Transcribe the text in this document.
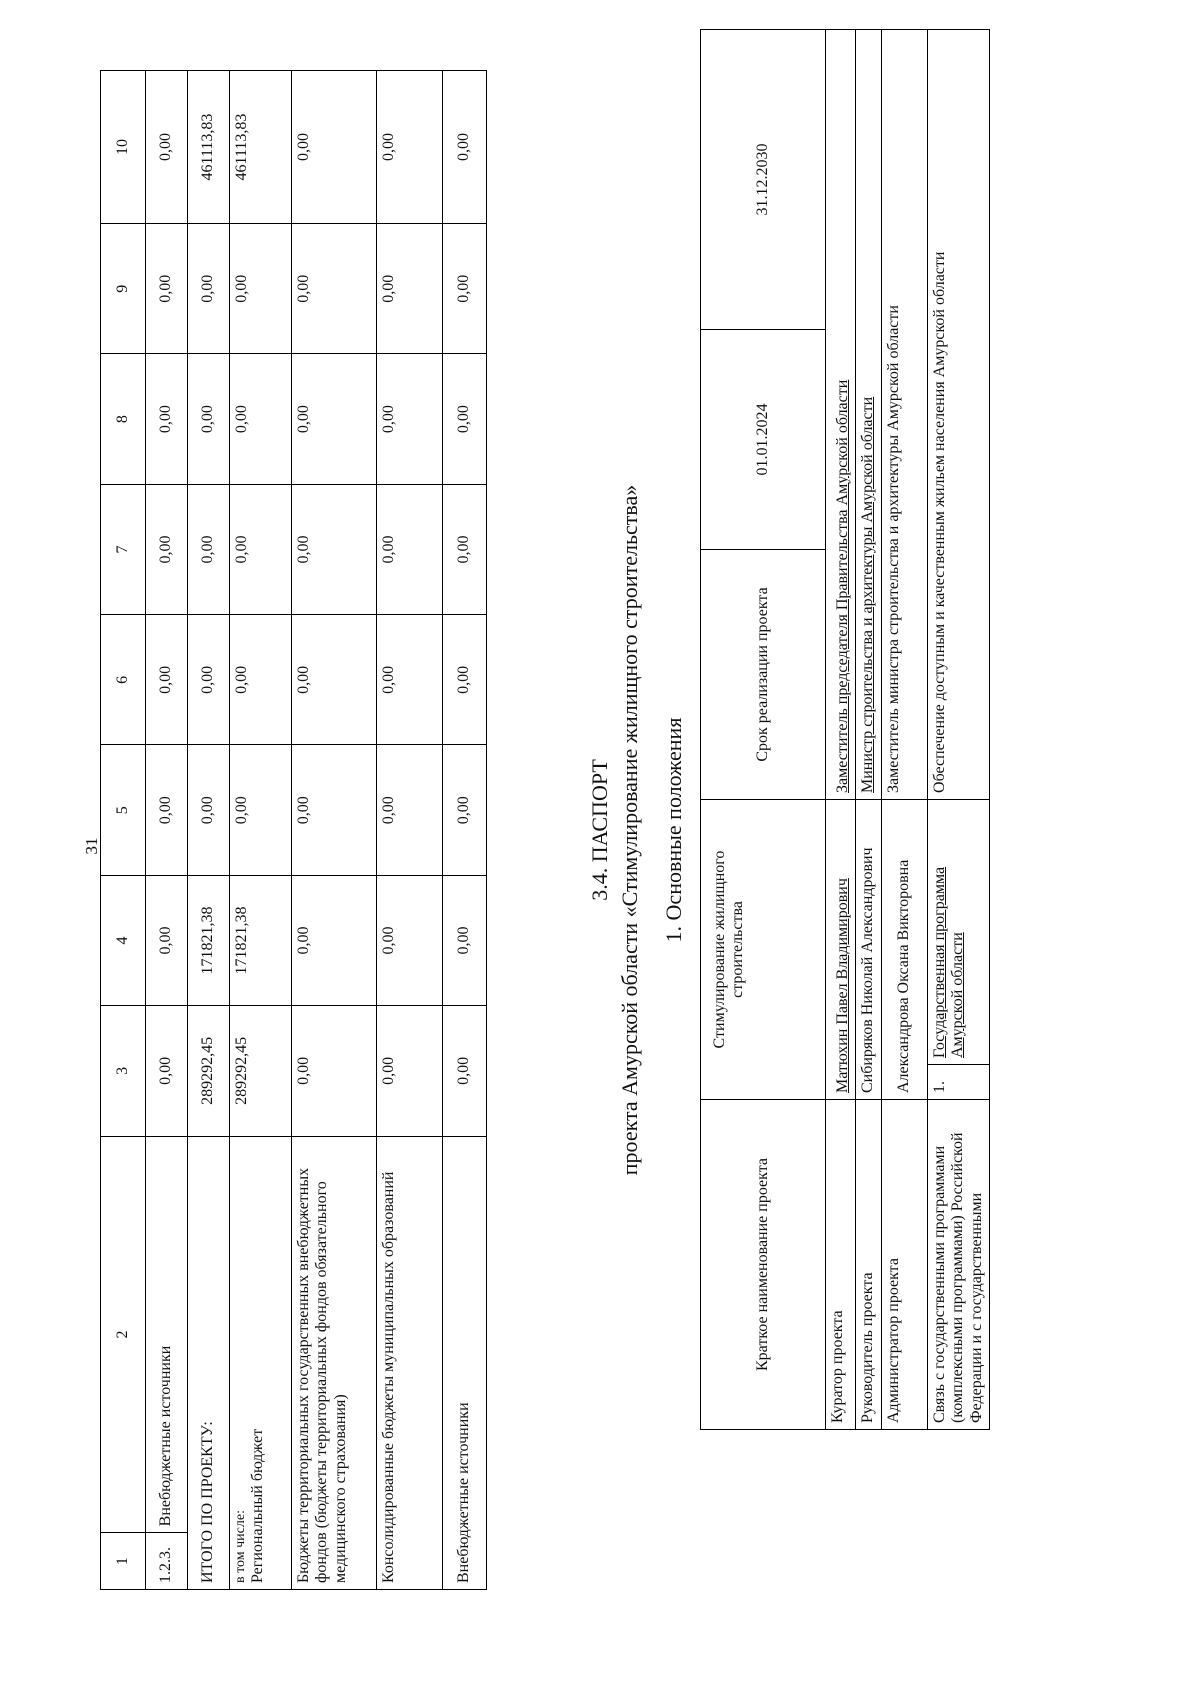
31
1	2	3	4	5	6	7	8	9	10
1.2.3.	Внебюджетные источники	0,00	0,00	0,00	0,00	0,00	0,00	0,00	0,00
ИТОГО ПО ПРОЕКТУ:		289292,45	171821,38	0,00	0,00	0,00	0,00	0,00	461113,83

в том числе: Региональный бюджет		289292,45	171821,38	0,00	0,00	0,00	0,00	0,00	461113,83
Бюджеты территориальных государственных внебюджетных фондов (бюджеты территориальных фондов обязательного медицинского страхования)		0,00	0,00	0,00	0,00	0,00	0,00	0,00	0,00
Консолидированные бюджеты муниципальных образований		0,00	0,00	0,00	0,00	0,00	0,00	0,00	0,00
Внебюджетные источники		0,00	0,00	0,00	0,00	0,00	0,00	0,00	0,00
3.4. ПАСПОРТ проекта Амурской области «Стимулирование жилищного строительства» 1. Основные положения
Краткое наименование проекта	Стимулирование жилищного строительства		Срок реализации проекта	01.01.2024	31.12.2030
Куратор проекта	Матюхин Павел Владимирович		Заместитель председателя Правительства Амурской области		
Руководитель проекта	Сибиряков Николай Александрович		Министр строительства и архитектуры Амурской области		
Администратор проекта	Александрова Оксана Викторовна		Заместитель министра строительства и архитектуры Амурской области		
Связь с государственными программами (комплексными программами) Российской Федерации и с государственными	1.	Государственная программа Амурской области	Обеспечение доступным и качественным жильем населения Амурской области		
